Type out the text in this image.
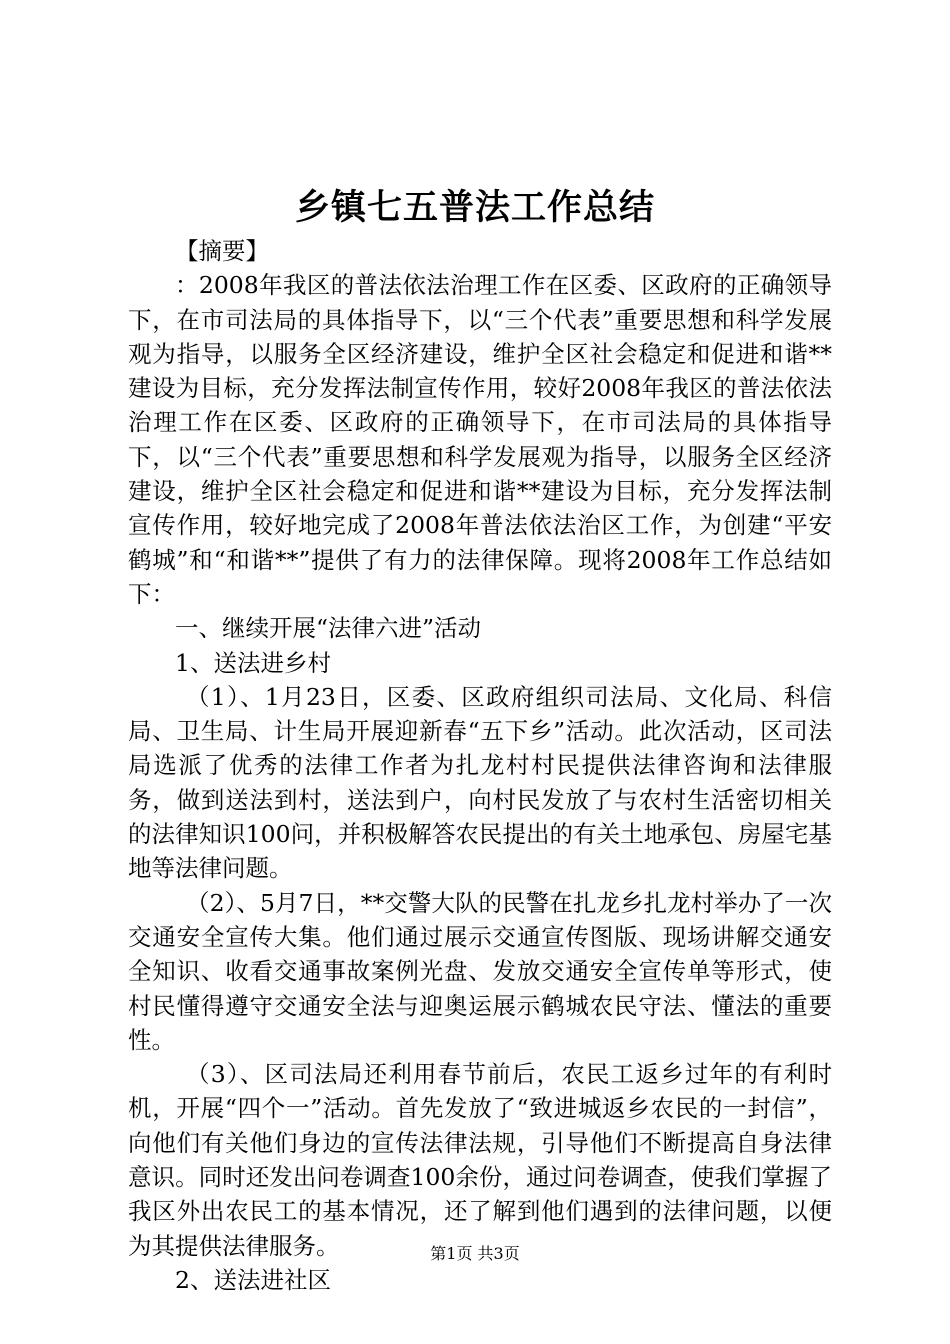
乡镇七五普法工作总结

【摘要】

：2008年我区的普法依法治理工作在区委、区政府的正确领导下，在市司法局的具体指导下，以“三个代表”重要思想和科学发展观为指导，以服务全区经济建设，维护全区社会稳定和促进和谐**建设为目标，充分发挥法制宣传作用，较好2008年我区的普法依法治理工作在区委、区政府的正确领导下，在市司法局的具体指导下，以“三个代表”重要思想和科学发展观为指导，以服务全区经济建设，维护全区社会稳定和促进和谐**建设为目标，充分发挥法制宣传作用，较好地完成了2008年普法依法治区工作，为创建“平安鹤城”和“和谐**”提供了有力的法律保障。现将2008年工作总结如下：

一、继续开展“法律六进”活动

1、送法进乡村

（1）、1月23日，区委、区政府组织司法局、文化局、科信局、卫生局、计生局开展迎新春“五下乡”活动。此次活动，区司法局选派了优秀的法律工作者为扎龙村村民提供法律咨询和法律服务，做到送法到村，送法到户，向村民发放了与农村生活密切相关的法律知识100问，并积极解答农民提出的有关土地承包、房屋宅基地等法律问题。

（2）、5月7日，**交警大队的民警在扎龙乡扎龙村举办了一次交通安全宣传大集。他们通过展示交通宣传图版、现场讲解交通安全知识、收看交通事故案例光盘、发放交通安全宣传单等形式，使村民懂得遵守交通安全法与迎奥运展示鹤城农民守法、懂法的重要性。

（3）、区司法局还利用春节前后，农民工返乡过年的有利时机，开展“四个一”活动。首先发放了“致进城返乡农民的一封信”，向他们有关他们身边的宣传法律法规，引导他们不断提高自身法律意识。同时还发出问卷调查100余份，通过问卷调查，使我们掌握了我区外出农民工的基本情况，还了解到他们遇到的法律问题，以便为其提供法律服务。

2、送法进社区

第1页 共3页
